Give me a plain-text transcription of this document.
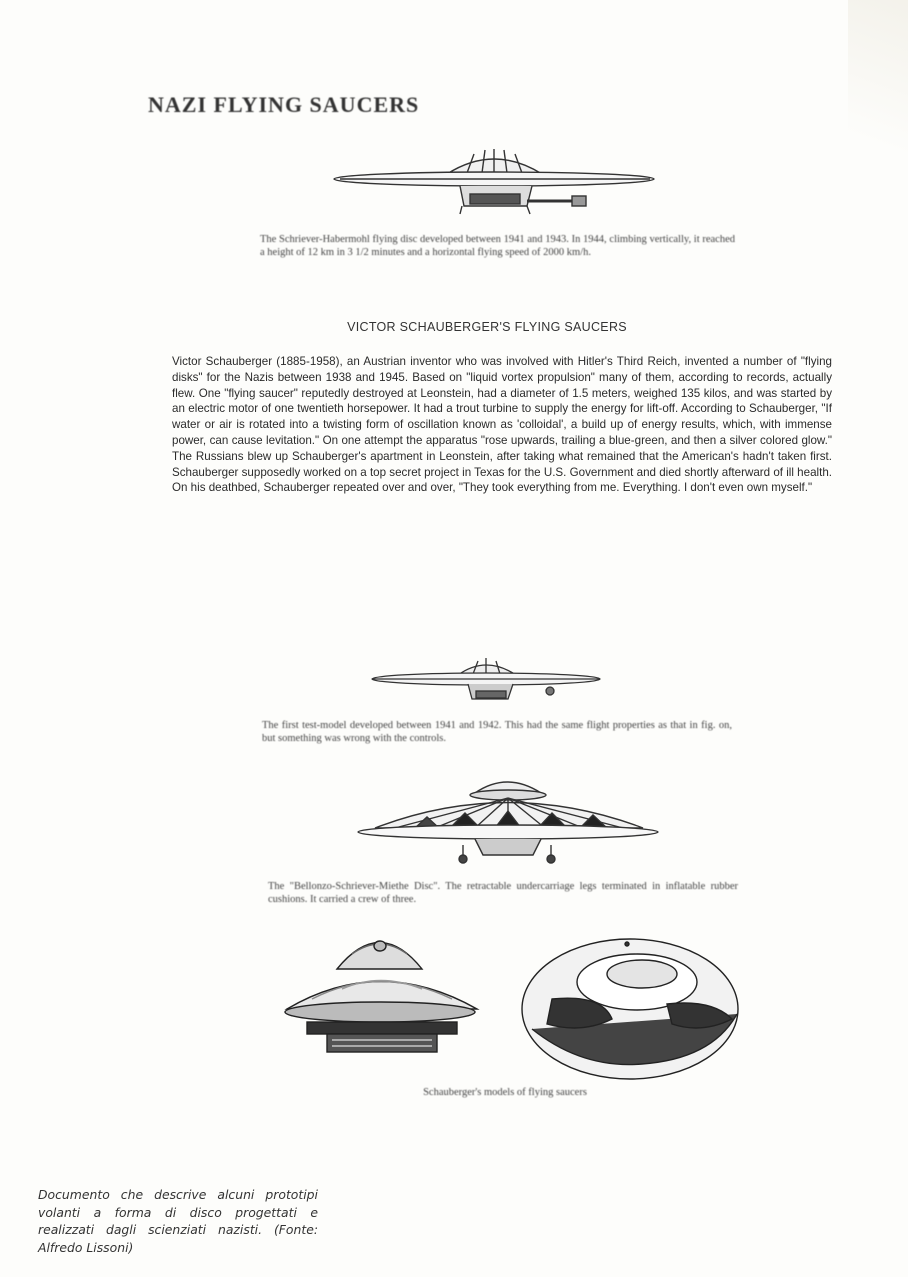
NAZI FLYING SAUCERS
The Schriever-Habermohl flying disc developed between 1941 and 1943. In 1944, climbing vertically, it reached a height of 12 km in 3 1/2 minutes and a horizontal flying speed of 2000 km/h.
VICTOR SCHAUBERGER'S FLYING SAUCERS
Victor Schauberger (1885-1958), an Austrian inventor who was involved with Hitler's Third Reich, invented a number of "flying disks" for the Nazis between 1938 and 1945. Based on "liquid vortex propulsion" many of them, according to records, actually flew. One "flying saucer" reputedly destroyed at Leonstein, had a diameter of 1.5 meters, weighed 135 kilos, and was started by an electric motor of one twentieth horsepower. It had a trout turbine to supply the energy for lift-off. According to Schauberger, "If water or air is rotated into a twisting form of oscillation known as 'colloidal', a build up of energy results, which, with immense power, can cause levitation." On one attempt the apparatus "rose upwards, trailing a blue-green, and then a silver colored glow." The Russians blew up Schauberger's apartment in Leonstein, after taking what remained that the American's hadn't taken first. Schauberger supposedly worked on a top secret project in Texas for the U.S. Government and died shortly afterward of ill health. On his deathbed, Schauberger repeated over and over, "They took everything from me. Everything. I don't even own myself."
The first test-model developed between 1941 and 1942. This had the same flight properties as that in fig. on, but something was wrong with the controls.
The "Bellonzo-Schriever-Miethe Disc". The retractable undercarriage legs terminated in inflatable rubber cushions. It carried a crew of three.
Schauberger's models of flying saucers
Documento che descrive alcuni prototipi volanti a forma di disco progettati e realizzati dagli scienziati nazisti. (Fonte: Alfredo Lissoni)
